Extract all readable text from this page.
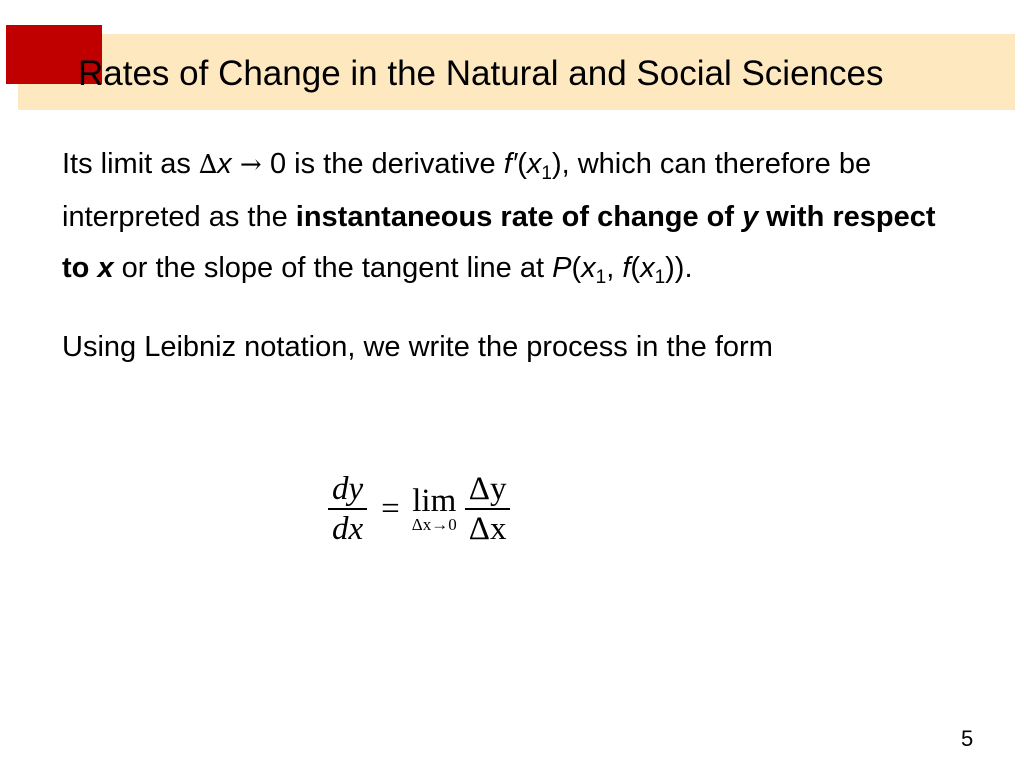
Rates of Change in the Natural and Social Sciences

Its limit as ∆x → 0 is the derivative $f'(x_1)$, which can therefore be interpreted as the instantaneous rate of change of y with respect to x or the slope of the tangent line at $P(x_1$, $f(x_1)$).

Using Leibniz notation, we write the process in the form

$\frac{dy}{dx} = \lim$
$\Delta x\to 0 \frac{\Delta y}{\Delta x}$
5
